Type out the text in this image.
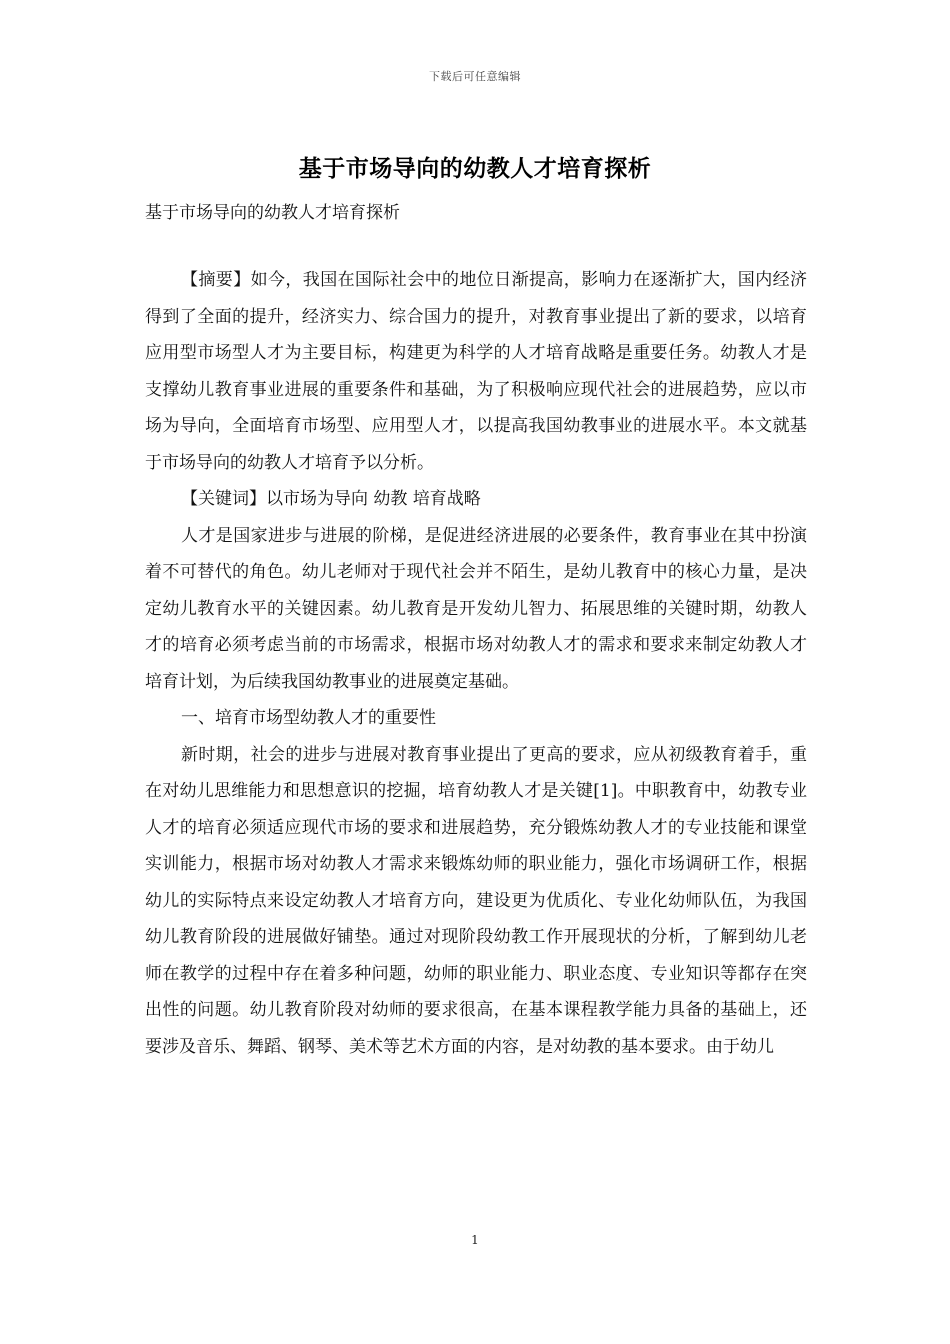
下载后可任意编辑
基于市场导向的幼教人才培育探析
基于市场导向的幼教人才培育探析

【摘要】如今，我国在国际社会中的地位日渐提高，影响力在逐渐扩大，国内经济得到了全面的提升，经济实力、综合国力的提升，对教育事业提出了新的要求，以培育应用型市场型人才为主要目标，构建更为科学的人才培育战略是重要任务。幼教人才是支撑幼儿教育事业进展的重要条件和基础，为了积极响应现代社会的进展趋势，应以市场为导向，全面培育市场型、应用型人才，以提高我国幼教事业的进展水平。本文就基于市场导向的幼教人才培育予以分析。

【关键词】以市场为导向 幼教 培育战略

人才是国家进步与进展的阶梯，是促进经济进展的必要条件，教育事业在其中扮演着不可替代的角色。幼儿老师对于现代社会并不陌生，是幼儿教育中的核心力量，是决定幼儿教育水平的关键因素。幼儿教育是开发幼儿智力、拓展思维的关键时期，幼教人才的培育必须考虑当前的市场需求，根据市场对幼教人才的需求和要求来制定幼教人才培育计划，为后续我国幼教事业的进展奠定基础。

一、培育市场型幼教人才的重要性

新时期，社会的进步与进展对教育事业提出了更高的要求，应从初级教育着手，重在对幼儿思维能力和思想意识的挖掘，培育幼教人才是关键[1]。中职教育中，幼教专业人才的培育必须适应现代市场的要求和进展趋势，充分锻炼幼教人才的专业技能和课堂实训能力，根据市场对幼教人才需求来锻炼幼师的职业能力，强化市场调研工作，根据幼儿的实际特点来设定幼教人才培育方向，建设更为优质化、专业化幼师队伍，为我国幼儿教育阶段的进展做好铺垫。通过对现阶段幼教工作开展现状的分析，了解到幼儿老师在教学的过程中存在着多种问题，幼师的职业能力、职业态度、专业知识等都存在突出性的问题。幼儿教育阶段对幼师的要求很高，在基本课程教学能力具备的基础上，还要涉及音乐、舞蹈、钢琴、美术等艺术方面的内容，是对幼教的基本要求。由于幼儿

1
